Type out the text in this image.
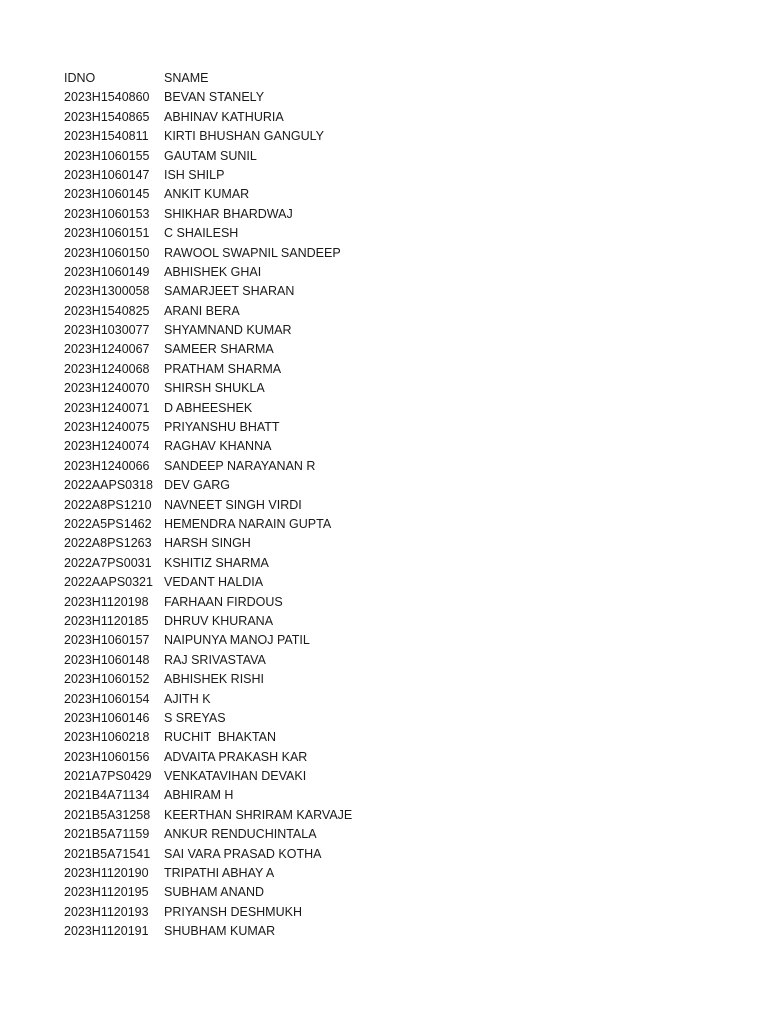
IDNO	SNAME
2023H1540860	BEVAN STANELY
2023H1540865	ABHINAV KATHURIA
2023H1540811	KIRTI BHUSHAN GANGULY
2023H1060155	GAUTAM SUNIL
2023H1060147	ISH SHILP
2023H1060145	ANKIT KUMAR
2023H1060153	SHIKHAR BHARDWAJ
2023H1060151	C SHAILESH
2023H1060150	RAWOOL SWAPNIL SANDEEP
2023H1060149	ABHISHEK GHAI
2023H1300058	SAMARJEET SHARAN
2023H1540825	ARANI BERA
2023H1030077	SHYAMNAND KUMAR
2023H1240067	SAMEER SHARMA
2023H1240068	PRATHAM SHARMA
2023H1240070	SHIRSH SHUKLA
2023H1240071	D ABHEESHEK
2023H1240075	PRIYANSHU BHATT
2023H1240074	RAGHAV KHANNA
2023H1240066	SANDEEP NARAYANAN R
2022AAPS0318 DEV GARG
2022A8PS1210 NAVNEET SINGH VIRDI
2022A5PS1462 HEMENDRA NARAIN GUPTA
2022A8PS1263 HARSH SINGH
2022A7PS0031 KSHITIZ SHARMA
2022AAPS0321 VEDANT HALDIA
2023H1120198	FARHAAN FIRDOUS
2023H1120185	DHRUV KHURANA
2023H1060157	NAIPUNYA MANOJ PATIL
2023H1060148	RAJ SRIVASTAVA
2023H1060152	ABHISHEK RISHI
2023H1060154	AJITH K
2023H1060146	S SREYAS
2023H1060218	RUCHIT  BHAKTAN
2023H1060156	ADVAITA PRAKASH KAR
2021A7PS0429 VENKATAVIHAN DEVAKI
2021B4A71134	ABHIRAM H
2021B5A31258	KEERTHAN SHRIRAM KARVAJE
2021B5A71159	ANKUR RENDUCHINTALA
2021B5A71541	SAI VARA PRASAD KOTHA
2023H1120190	TRIPATHI ABHAY A
2023H1120195	SUBHAM ANAND
2023H1120193	PRIYANSH DESHMUKH
2023H1120191	SHUBHAM KUMAR
